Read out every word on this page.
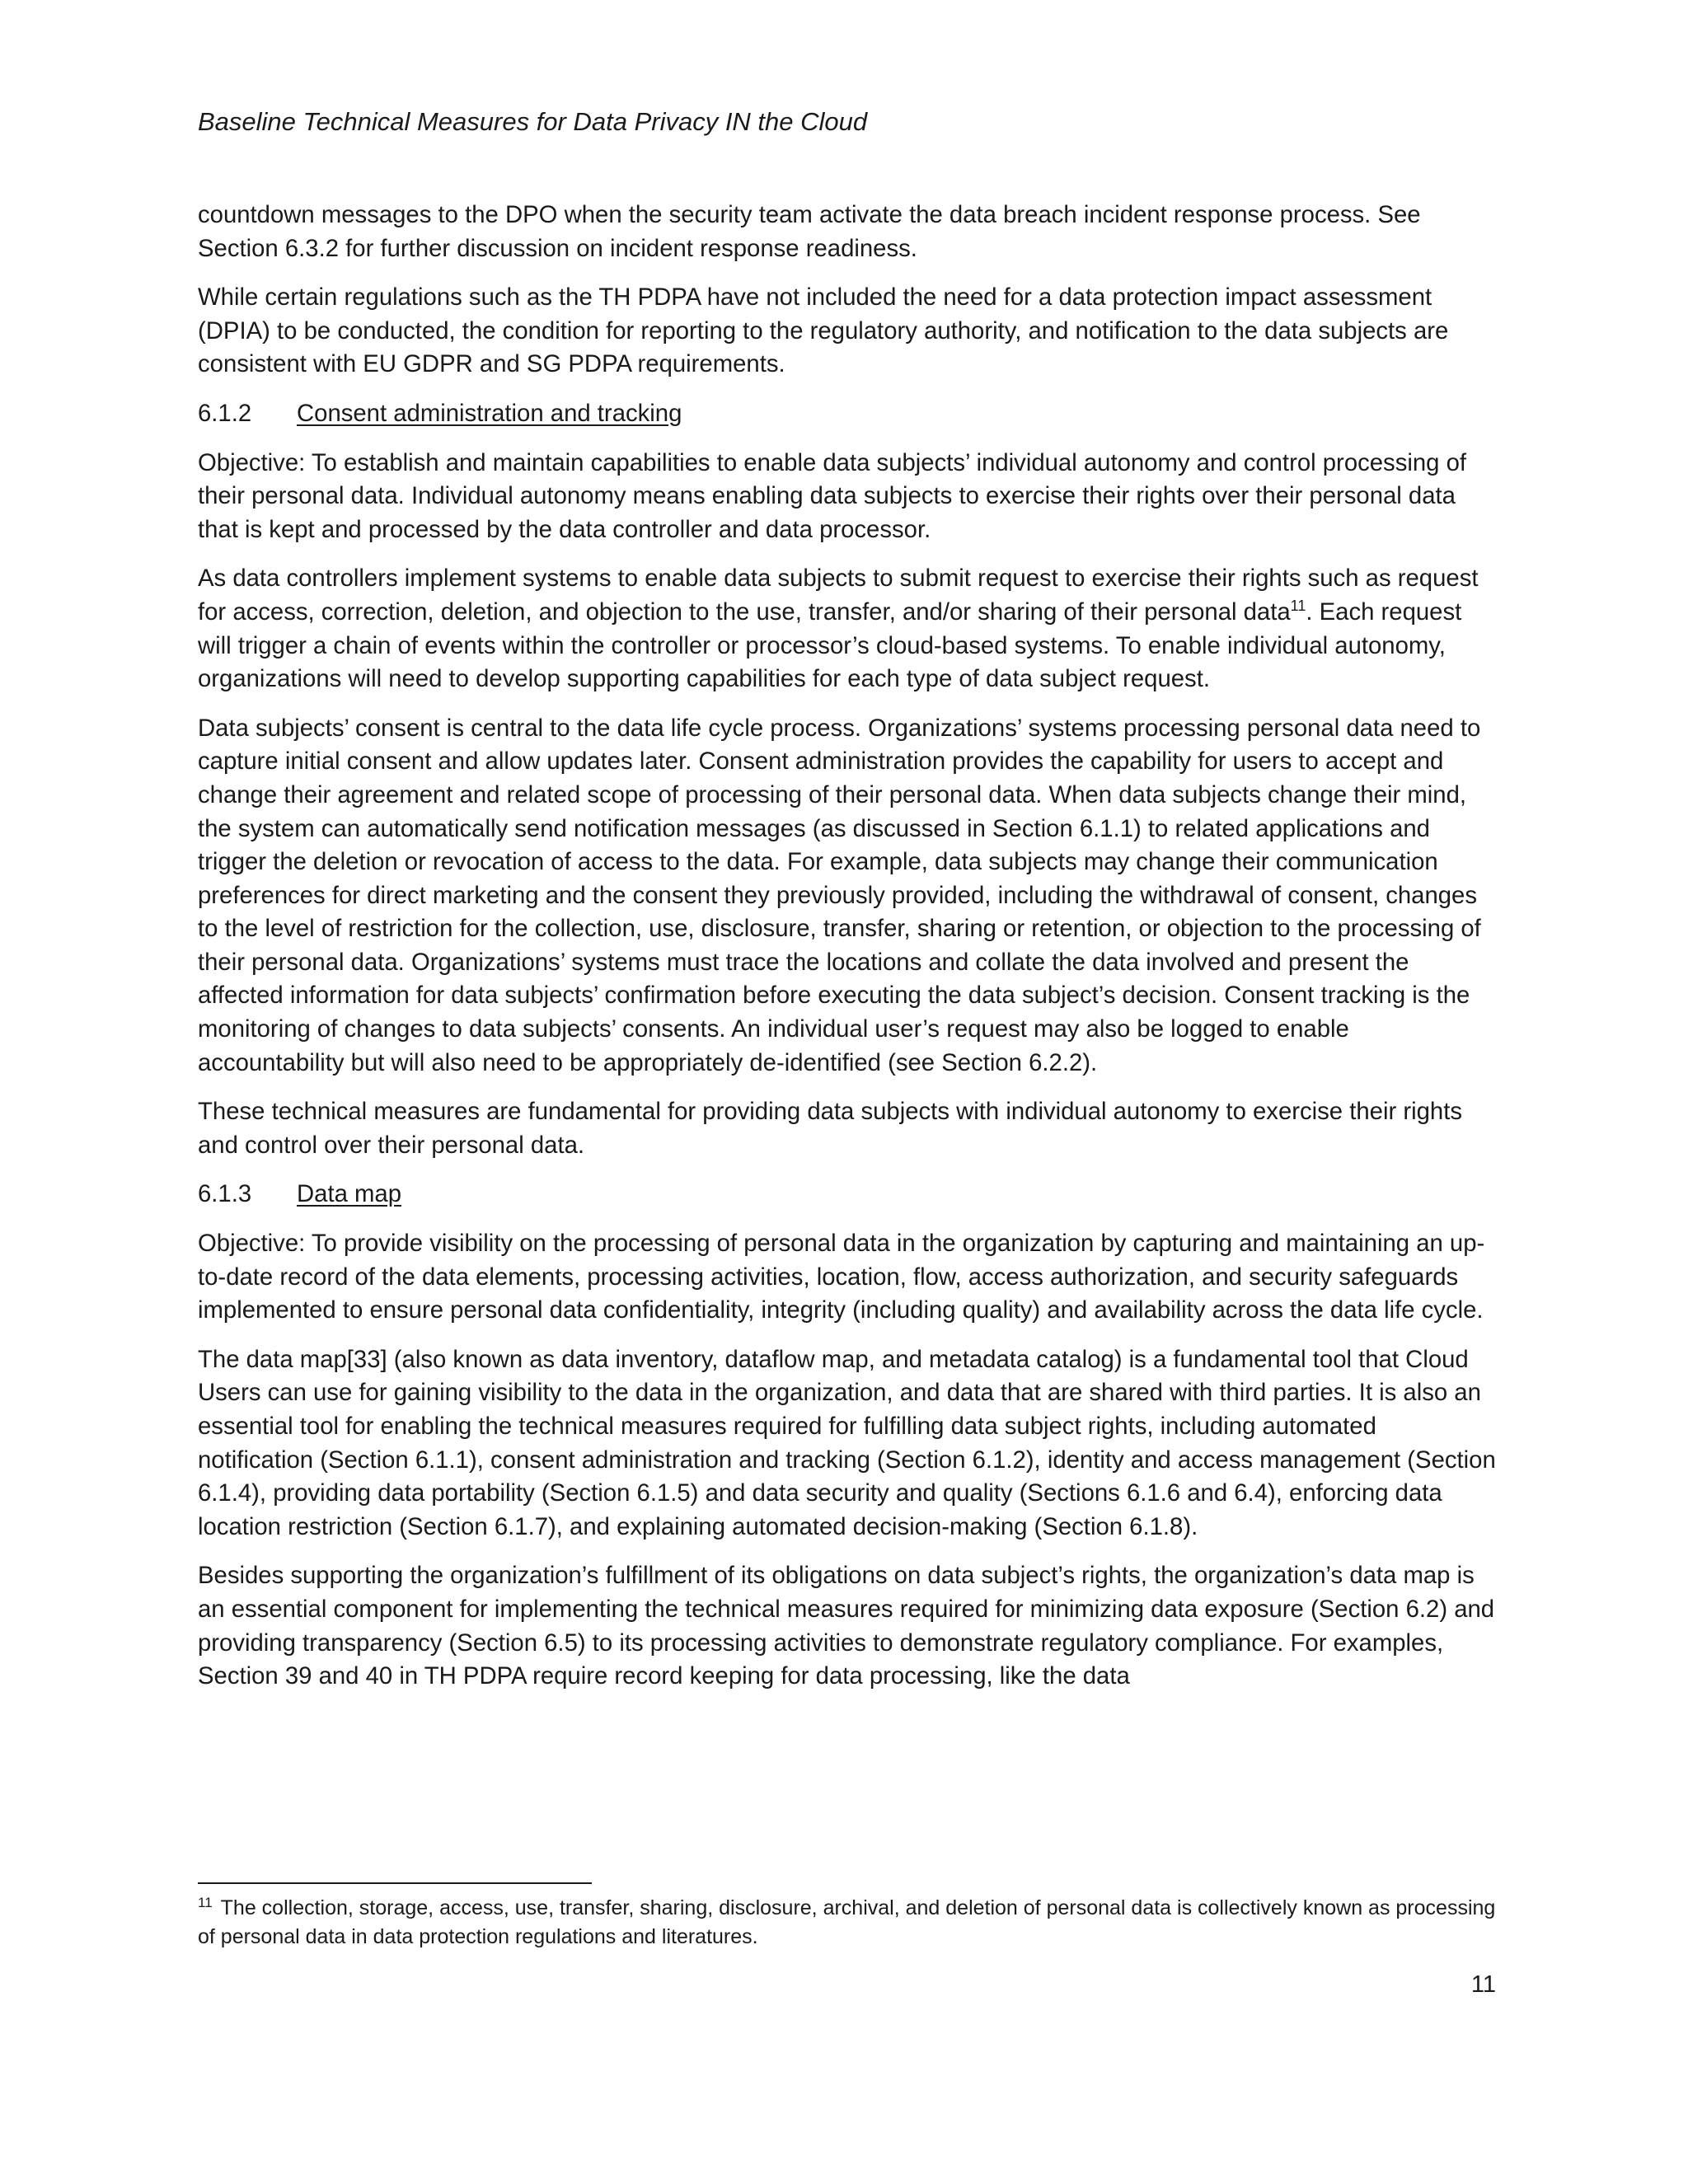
Baseline Technical Measures for Data Privacy IN the Cloud

countdown messages to the DPO when the security team activate the data breach incident response process. See Section 6.3.2 for further discussion on incident response readiness.

While certain regulations such as the TH PDPA have not included the need for a data protection impact assessment (DPIA) to be conducted, the condition for reporting to the regulatory authority, and notification to the data subjects are consistent with EU GDPR and SG PDPA requirements.

6.1.2 Consent administration and tracking

Objective: To establish and maintain capabilities to enable data subjects’ individual autonomy and control processing of their personal data. Individual autonomy means enabling data subjects to exercise their rights over their personal data that is kept and processed by the data controller and data processor.

As data controllers implement systems to enable data subjects to submit request to exercise their rights such as request for access, correction, deletion, and objection to the use, transfer, and/or sharing of their personal data$^{11}$. Each request will trigger a chain of events within the controller or processor’s cloud-based systems. To enable individual autonomy, organizations will need to develop supporting capabilities for each type of data subject request.

Data subjects’ consent is central to the data life cycle process. Organizations’ systems processing personal data need to capture initial consent and allow updates later. Consent administration provides the capability for users to accept and change their agreement and related scope of processing of their personal data. When data subjects change their mind, the system can automatically send notification messages (as discussed in Section 6.1.1) to related applications and trigger the deletion or revocation of access to the data. For example, data subjects may change their communication preferences for direct marketing and the consent they previously provided, including the withdrawal of consent, changes to the level of restriction for the collection, use, disclosure, transfer, sharing or retention, or objection to the processing of their personal data. Organizations’ systems must trace the locations and collate the data involved and present the affected information for data subjects’ confirmation before executing the data subject’s decision. Consent tracking is the monitoring of changes to data subjects’ consents. An individual user’s request may also be logged to enable accountability but will also need to be appropriately de-identified (see Section 6.2.2).

These technical measures are fundamental for providing data subjects with individual autonomy to exercise their rights and control over their personal data.

6.1.3 Data map

Objective: To provide visibility on the processing of personal data in the organization by capturing and maintaining an up-to-date record of the data elements, processing activities, location, flow, access authorization, and security safeguards implemented to ensure personal data confidentiality, integrity (including quality) and availability across the data life cycle.

The data map[33] (also known as data inventory, dataflow map, and metadata catalog) is a fundamental tool that Cloud Users can use for gaining visibility to the data in the organization, and data that are shared with third parties. It is also an essential tool for enabling the technical measures required for fulfilling data subject rights, including automated notification (Section 6.1.1), consent administration and tracking (Section 6.1.2), identity and access management (Section 6.1.4), providing data portability (Section 6.1.5) and data security and quality (Sections 6.1.6 and 6.4), enforcing data location restriction (Section 6.1.7), and explaining automated decision-making (Section 6.1.8).

Besides supporting the organization’s fulfillment of its obligations on data subject’s rights, the organization’s data map is an essential component for implementing the technical measures required for minimizing data exposure (Section 6.2) and providing transparency (Section 6.5) to its processing activities to demonstrate regulatory compliance. For examples, Section 39 and 40 in TH PDPA require record keeping for data processing, like the data

$^{11}$ The collection, storage, access, use, transfer, sharing, disclosure, archival, and deletion of personal data is collectively known as processing of personal data in data protection regulations and literatures.
11
